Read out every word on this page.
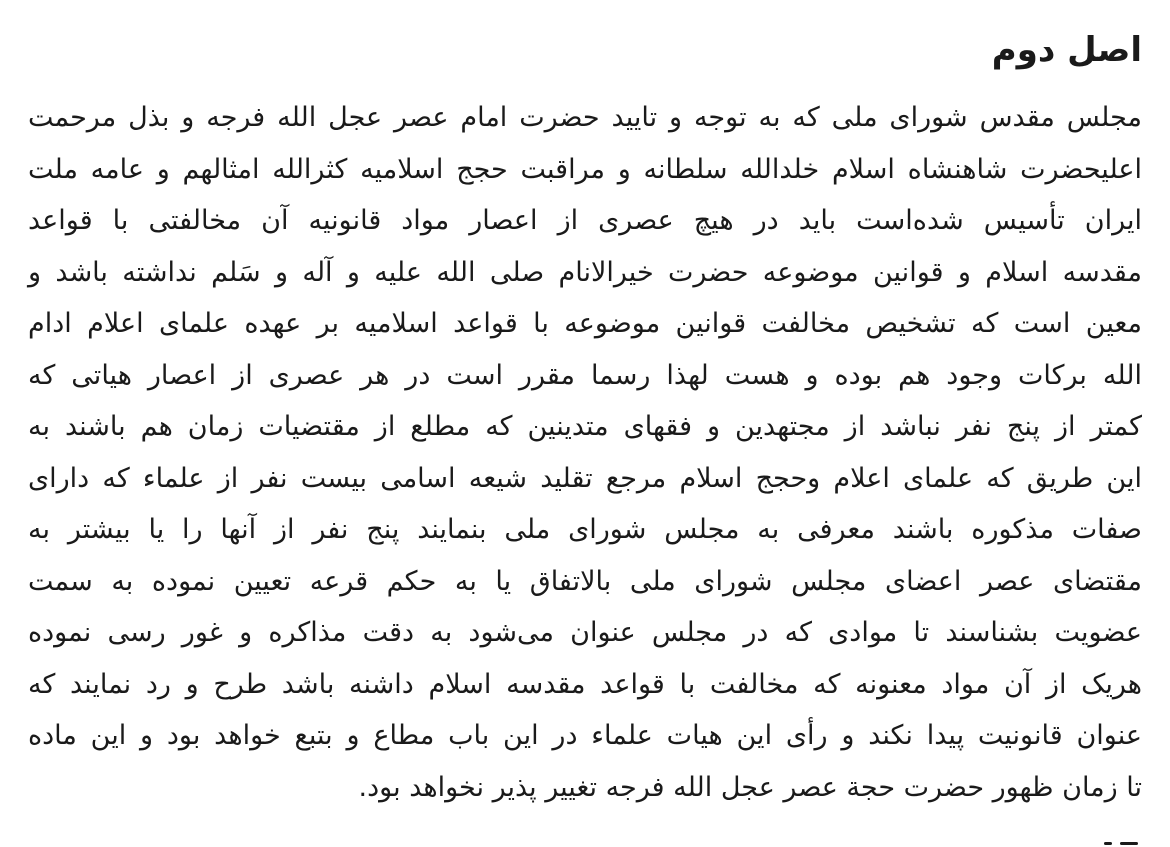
اصل دوم
مجلس مقدس شورای ملی که به توجه و تایید حضرت امام عصر عجل الله فرجه و بذل مرحمت
اعلیحضرت شاهنشاه اسلام خلدالله سلطانه و مراقبت حجج اسلامیه کثرالله امثالهم و عامه ملت
ایران تأسیس شده‌است باید در هیچ عصری از اعصار مواد قانونیه آن مخالفتی با قواعد
مقدسه اسلام و قوانین موضوعه حضرت خیرالانام صلی الله علیه و آله و سَلم نداشته باشد و
معین است که تشخیص مخالفت قوانین موضوعه با قواعد اسلامیه بر عهده علمای اعلام ادام
الله برکات وجود هم بوده و هست لهذا رسما مقرر است در هر عصری از اعصار هیاتی که
کمتر از پنج نفر نباشد از مجتهدین و فقهای متدینین که مطلع از مقتضیات زمان هم باشند به
این طریق که علمای اعلام وحجج اسلام مرجع تقلید شیعه اسامی بیست نفر از علماء که دارای
صفات مذکوره باشند معرفی به مجلس شورای ملی بنمایند پنج نفر از آنها را یا بیشتر به
مقتضای عصر اعضای مجلس شورای ملی بالاتفاق یا به حکم قرعه تعیین نموده به سمت
عضویت بشناسند تا موادی که در مجلس عنوان می‌شود به دقت مذاکره و غور رسی نموده
هریک از آن مواد معنونه که مخالفت با قواعد مقدسه اسلام داشنه باشد طرح و رد نمایند که
عنوان قانونیت پیدا نکند و رأی این هیات علماء در این باب مطاع و بتبع خواهد بود و این ماده
تا زمان ظهور حضرت حجة عصر عجل الله فرجه تغییر پذیر نخواهد بود.
